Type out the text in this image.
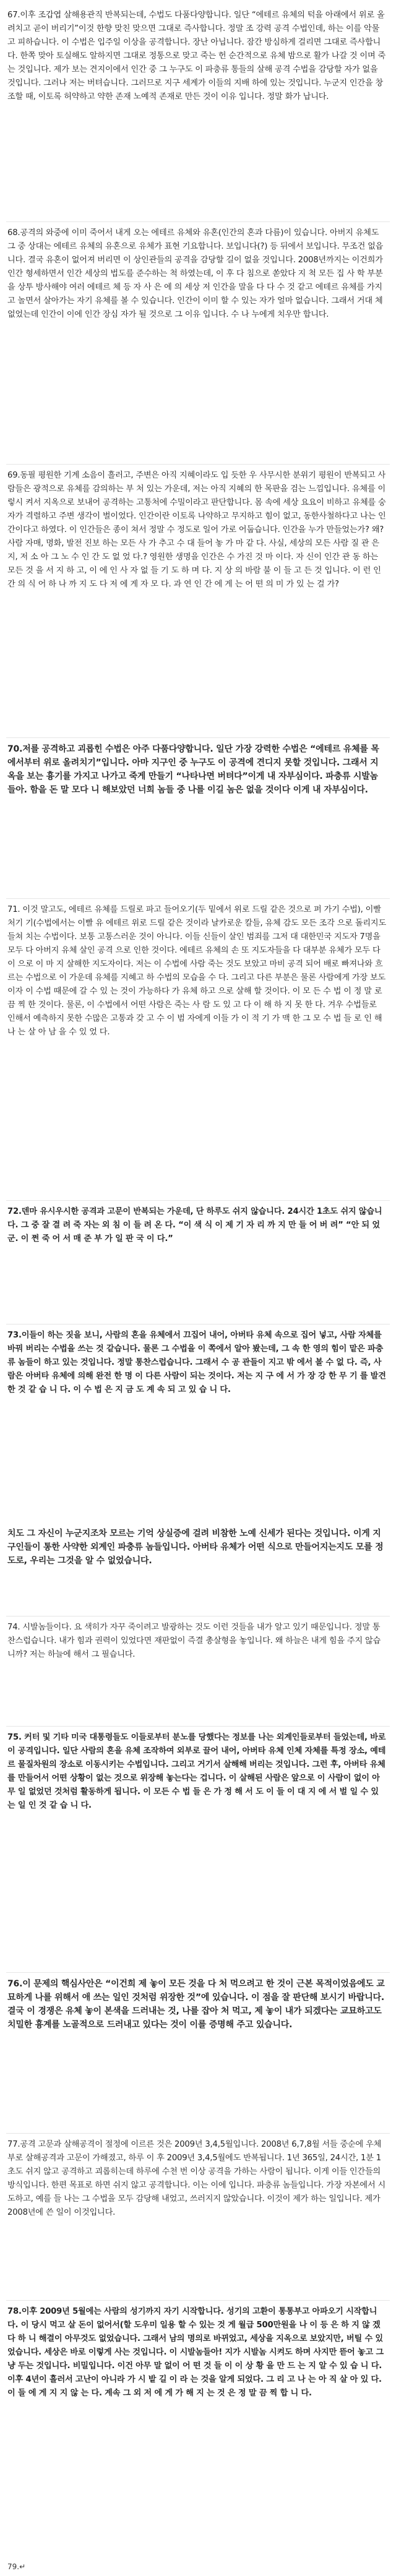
67.이후 조갑엽 살해용관직 반복되는데, 수법도 다품다양합니다. 일단 “에테르 유체의 턱을 아래에서 위로 올려치고 곧이 버리기”이것 한향 맞친 맞으면 그대로 즉사합니다. 정말 조 강력 공격 수법인데, 하는 이를 악물고 피하습니다. 이 수법은 입주일 이상을 공격합니다. 장난 아닙니다. 잠간 방심하게 걸리면 그대로 즉사합니다. 한쪽 맞아 토실해도 알하지면 그대로 정통으로 맞고 죽는 헌 순간적으로 유체 밤으로 활가 나갈 것 이며 죽는 것입니다. 제가 보는 견지이에서 인간 중 그 누구도 이 파충류 통들의 살해 공격 수법을 감당할 자가 없을 것입니다. 그러나 저는 버텨습니다. 그러므로 지구 세계가 이들의 지배 하에 있는 것입니다. 누군지 인간을 창조할 때, 이토록 허약하고 약한 존재 노예적 존재로 만든 것이 이유 입니다. 정말 화가 납니다.
68.공격의 와중에 이미 죽어서 내게 오는 에테르 유체와 유혼(인간의 혼과 다름)이 있습니다. 아버지 유체도 그 중 상대는 에테르 유체의 유혼으로 유체가 표현 기요합니다. 보입니다(?) 등 뒤에서 보입니다. 무조건 없읍니다. 결국 유혼이 없어져 버리면 이 상인관들의 공격을 감당할 길이 없을 것입니다. 2008년까지는 이건희가 인간 형세하면서 인간 세상의 법도를 준수하는 척 하였는데, 이 후 다 침으로 쏟았다 지 척 모든 집 사 학 부분을 상투 방사해야 여러 에테르 체 등 자 사 은 에 의 세상 저 인간을 말을 다 다 수 것 같고 에테르 유체를 가지고 놀면서 살아가는 자기 유체를 볼 수 있습니다. 인간이 이미 할 수 있는 자가 얼마 없습니다. 그래서 거대 체 없었는데 인간이 이에 인간 장심 자가 될 것으로 그 이유 입니다. 수 나 누에게 치우만 합니다.
69.동필 평원한 기계 소음이 흘러고, 주변은 아직 지혜이라도 입 듯한 우 사무시한 분위기 평원이 반복되고 사람들은 광적으로 유체를 감의하는 부 처 있는 가운데, 저는 아직 지혜의 한 목판을 검는 느낌입니다. 유체를 이렇시 켜서 지옥으로 보내어 공격하는 고통처에 수밀이라고 판단합니다. 몸 속에 세상 요요이 비하고 유체를 숭자가 격렬하고 주변 생각이 벌이었다. 인간이란 이토록 나약하고 무지하고 힘이 없고, 동한사철하다고 나는 인간이다고 하였다. 이 인간들은 종이 쳐서 정말 수 정도로 일어 가로 어둡습니다. 인간을 누가 만들었는가? 왜? 사람 자매, 명화, 발전 진보 하는 모든 사 가 추고 수 대 들어 놓 가 마 같 다. 사실, 세상의 모든 사람 질 관 은 지, 저 소 아 그 노 수 인 간 도 없 었 다.? 영원한 생명을 인간은 수 가진 것 마 이다. 자 신이 인간 관 동 하는 모든 것 을 서 지 하 고, 이 에 인 사 자 없 들 기 도 하 며 다. 지 상 의 바람 불 이 들 고 든 것 입니다. 이 런 인간 의 식 어 하 나 까 지 도 다 저 에 게 자 모 다. 과 연 인 간 에 게 는 어 떤 의 미 가 있 는 걸 가?
70.저를 공격하고 괴롭힌 수법은 아주 다품다양합니다. 일단 가장 강력한 수법은 “에테르 유체를 목에서부터 위로 올려치기”입니다. 아마 지구인 중 누구도 이 공격에 견디지 못할 것입니다. 그래서 지옥을 보는 흉기를 가지고 나가고 죽게 만들기 “나타나면 버텨다”이게 내 자부심이다. 파충류 시발놈들아. 함을 돈 말 모다 니 해보았던 너희 놈들 중 나를 이길 놈은 없을 것이다 이게 내 자부심이다.
71. 이것 말고도, 에테르 유체를 드릴로 파고 들어오기(두 밑에서 위로 드릴 같은 것으로 퍼 가기 수법), 이빨처기 기(수법에서는 이빨 유 에테르 위로 드릴 같은 것이라 날카로운 칼들, 유체 감도 모든 조각 으로 돌리지도 들쳐 치는 수법이다. 보통 고통스러운 것이 아니다. 이들 신들이 살인 범죄를 그저 대 대한민국 지도자 7명을 모두 다 아버지 유체 살인 공격 으로 인한 것이다. 에테르 유체의 손 또 지도자들을 다 대부분 유체가 모두 다 이 으로 이 마 지 살해한 지도자이다. 저는 이 수법에 사람 죽는 것도 보았고 마비 공격 되어 배로 빠져나와 흐르는 수법으로 이 가운데 유체를 지혜고 하 수법의 모습을 수 다. 그리고 다른 부분은 물론 사람에게 가장 보도 이자 이 수법 때문에 갈 수 있 는 것이 가능하다 가 유체 하고 으로 살해 할 것이다. 이 모 든 수 법 이 정 말 로 끔 찍 한 것이다. 물론, 이 수법에서 어떤 사람은 죽는 사 람 도 있 고 다 이 해 하 지 못 한 다. 겨우 수법들로 인해서 예측하지 못한 수많은 고통과 갖 고 수 이 범 자에게 이들 가 이 적 기 가 맥 한 그 모 수 법 들 로 인 해 나 는 살 아 남 을 수 있 었 다.
72.덴마 유시우시한 공격과 고문이 반복되는 가운데, 단 하루도 쉬지 않습니다. 24시간 1초도 쉬지 않습니다. 그 중 잘 결 려 죽 자는 외 침 이 들 려 온 다. “이 색 식 이 제 기 자 리 까 지 만 들 어 버 려” “안 되 었 군. 이 쩐 죽 어 서 매 준 부 가 일 판 국 이 다.”
73.이들이 하는 짓을 보니, 사람의 혼을 유체에서 끄집어 내어, 아버타 유체 속으로 집어 넣고, 사람 자체를 바꿔 버리는 수법을 쓰는 것 같습니다. 물론 그 수법을 이 쪽에서 알아 봤는데, 그 속 한 영의 힘이 맡은 파충류 놈들이 하고 있는 것입니다. 정말 통찬스럽습니다. 그래서 수 공 관들이 지고 밖 에서 볼 수 없 다. 즉, 사람은 아버타 유체에 의해 완전 한 명 이 다른 사람이 되는 것이다. 저는 지 구 에 서 가 장 강 한 무 기 를 발견 한 것 같 습 니 다. 이 수 법 은 지 금 도 계 속 되 고 있 습 니 다.
치도 그 자신이 누군지조차 모르는 기억 상실증에 걸려 비참한 노예 신세가 된다는 것입니다. 이게 지구인들이 통한 사약한 외계인 파충류 놈들입니다. 아버타 유체가 어떤 식으로 만들어지는지도 모를 정도로, 우리는 그것을 알 수 없었습니다.
74. 시발놈들이다. 요 색히가 자꾸 죽이려고 발광하는 것도 이런 것들을 내가 알고 있기 때문입니다. 정말 통찬스럽습니다. 내가 힘과 권력이 있었다면 재판없이 즉결 총살형을 놓입니다. 왜 하늘은 내게 힘을 주지 않습니까? 저는 하늘에 해서 그 필습니다.
75. 커터 및 기타 미국 대통령들도 이들로부터 분노를 당했다는 정보를 나는 외계인들로부터 들었는데, 바로 이 공격입니다. 일단 사람의 혼을 유체 조작하여 외부로 끌어 내어, 아버타 유체 인체 자체를 특정 장소, 예테르 물질차원의 장소로 이동시키는 수법입니다. 그리고 거기서 살해해 버리는 것입니다. 그런 후, 아버타 유체를 만들어서 어떤 상황이 없는 것으로 위장해 놓는다는 겁니다. 이 살해된 사람은 앞으로 이 사람이 없이 아무 일 없었던 것처럼 활동하게 됩니다. 이 모든 수 법 들 은 가 정 해 서 도 이 들 이 대 지 에 서 벌 일 수 있 는 일 인 것 같 습 니 다.
76.이 문제의 핵심사안은 “이건희 제 놓이 모든 것을 다 처 먹으려고 한 것이 근본 목적이었음에도 교묘하게 나를 위해서 애 쓰는 일인 것처럼 위장한 것”에 있습니다. 이 점을 잘 판단해 보시기 바랍니다. 결국 이 경쟁은 유체 놓이 본색을 드러내는 것, 나를 잡아 처 먹고, 제 놓이 내가 되겠다는 교묘하고도 치밀한 흉계를 노골적으로 드러내고 있다는 것이 이를 증명해 주고 있습니다.
77.공격 고문과 살해공격이 절정에 이르른 것은 2009년 3,4,5월입니다. 2008년 6,7,8월 서들 중순에 우체부로 살해공격과 고문이 가해졌고, 하루 이 후 2009년 3,4,5월에도 반복됩니다. 1년 365일, 24시간, 1분 1초도 쉬지 않고 공격하고 괴롭히는데 하루에 수천 번 이상 공격을 가하는 사람이 됩니다. 이게 이들 인간들의 방식입니다. 한편 목표로 하면 쉬지 않고 공격합니다. 이는 이에 입니다. 파충류 놈들입니다. 가장 자본에서 시도하고, 예를 들 나는 그 수법을 모두 감당해 내었고, 쓰러지지 않았습니다. 이것이 제가 하는 일입니다. 제가 2008년에 쓴 일이 이것입니다.
78.이후 2009년 5월에는 사람의 성기까지 자기 시작합니다. 성기의 고환이 통통부고 아파오기 시작합니다. 이 당시 먹고 살 돈이 없어서(할 도우미 일용 할 수 있는 것 게 월급 500만원을 나 이 등 은 하 지 않 겠 다 하 니 해결이 아무것도 없었습니다. 그래서 남의 명의로 바뀌었고, 세상을 지옥으로 보았지만, 버틸 수 있었습니다. 세상은 바로 이렇게 사는 것입니다. 이 시발놈들아! 지가 시발놈 시켜도 하며 사지만 뜯어 놓고 그냥 두는 것입니다. 비밀입니다. 이건 아무 말 없이 어 떤 것 들 이 이 상 황 을 만 드 는 지 알 수 있 습 니 다. 이후 4년이 흘러서 고난이 아니라 가 시 밭 길 이 라 는 것을 알게 되었다. 그 리 고 나 는 아 직 살 아 있 다. 이 들 에 게 지 지 않 는 다. 계속 그 외 저 에 게 가 해 지 는 것 은 정 말 끔 찍 합 니 다.
79.↵
